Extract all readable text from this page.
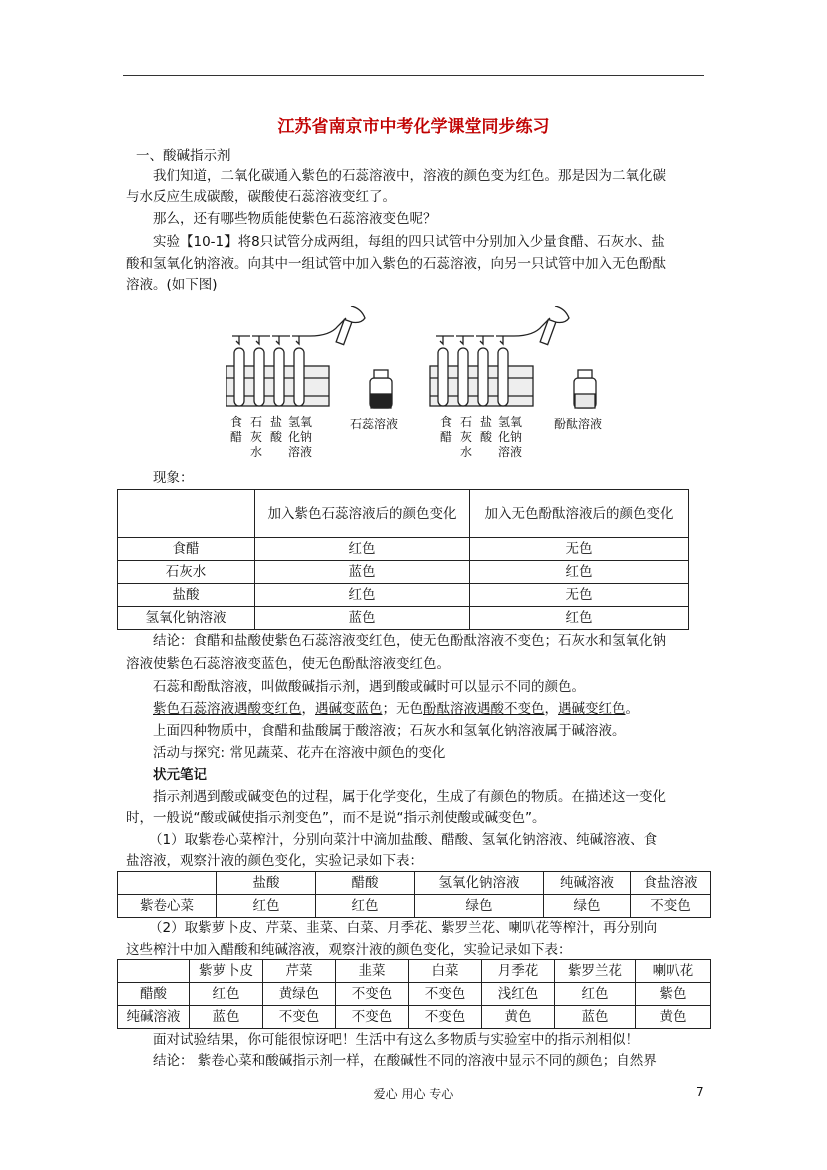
江苏省南京市中考化学课堂同步练习
一、酸碱指示剂
我们知道，二氧化碳通入紫色的石蕊溶液中，溶液的颜色变为红色。那是因为二氧化碳
与水反应生成碳酸，碳酸使石蕊溶液变红了。
那么，还有哪些物质能使紫色石蕊溶液变色呢？
实验【10-1】将8只试管分成两组，每组的四只试管中分别加入少量食醋、石灰水、盐
酸和氢氧化钠溶液。向其中一组试管中加入紫色的石蕊溶液，向另一只试管中加入无色酚酞
溶液。(如下图)
食醋
石灰水
盐酸
氢氧化钠溶液
石蕊溶液	食醋
石灰水
盐酸
氢氧化钠溶液
酚酞溶液
现象：
	加入紫色石蕊溶液后的颜色变化	加入无色酚酞溶液后的颜色变化
食醋	红色	无色
石灰水	蓝色	红色
盐酸	红色	无色
氢氧化钠溶液	蓝色	红色
结论：食醋和盐酸使紫色石蕊溶液变红色，使无色酚酞溶液不变色；石灰水和氢氧化钠
溶液使紫色石蕊溶液变蓝色，使无色酚酞溶液变红色。
石蕊和酚酞溶液，叫做酸碱指示剂，遇到酸或碱时可以显示不同的颜色。
紫色石蕊溶液遇酸变红色，遇碱变蓝色；无色酚酞溶液遇酸不变色，遇碱变红色。
上面四种物质中，食醋和盐酸属于酸溶液；石灰水和氢氧化钠溶液属于碱溶液。
活动与探究: 常见蔬菜、花卉在溶液中颜色的变化
状元笔记
指示剂遇到酸或碱变色的过程，属于化学变化，生成了有颜色的物质。在描述这一变化
时，一般说“酸或碱使指示剂变色”，而不是说“指示剂使酸或碱变色”。
（1）取紫卷心菜榨汁，分别向菜汁中滴加盐酸、醋酸、氢氧化钠溶液、纯碱溶液、食
盐溶液，观察汁液的颜色变化，实验记录如下表：
	盐酸	醋酸	氢氧化钠溶液	纯碱溶液	食盐溶液
紫卷心菜	红色	红色	绿色	绿色	不变色
（2）取紫萝卜皮、芹菜、韭菜、白菜、月季花、紫罗兰花、喇叭花等榨汁，再分别向
这些榨汁中加入醋酸和纯碱溶液，观察汁液的颜色变化，实验记录如下表：
	紫萝卜皮	芹菜	韭菜	白菜	月季花	紫罗兰花	喇叭花
醋酸	红色	黄绿色	不变色	不变色	浅红色	红色	紫色
纯碱溶液	蓝色	不变色	不变色	不变色	黄色	蓝色	黄色
面对试验结果，你可能很惊讶吧！生活中有这么多物质与实验室中的指示剂相似！
结论： 紫卷心菜和酸碱指示剂一样，在酸碱性不同的溶液中显示不同的颜色；自然界
爱心 用心 专心	7
